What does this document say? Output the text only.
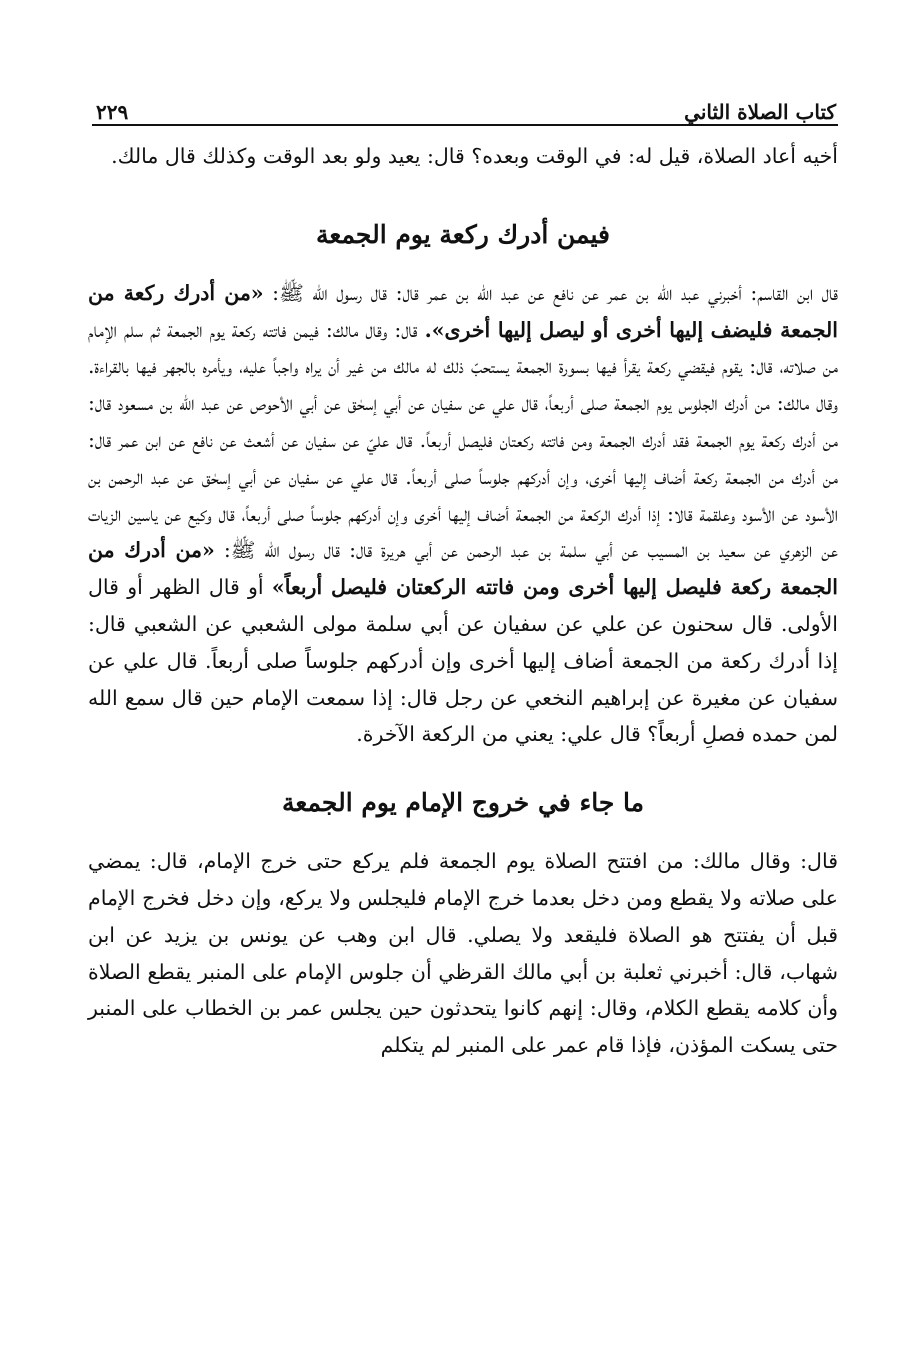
كتاب الصلاة الثاني
٢٢٩

أخيه أعاد الصلاة، قيل له: في الوقت وبعده؟ قال: يعيد ولو بعد الوقت وكذلك قال مالك.

فيمن أدرك ركعة يوم الجمعة

قال ابن القاسم: أخبرني عبد الله بن عمر عن نافع عن عبد الله بن عمر قال: قال رسول الله ﷺ: «من أدرك ركعة من الجمعة فليضف إليها أخرى أو ليصل إليها أخرى». قال: وقال مالك: فيمن فاتته ركعة يوم الجمعة ثم سلم الإمام من صلاته، قال: يقوم فيقضي ركعة يقرأ فيها بسورة الجمعة يستحبّ ذلك له مالك من غير أن يراه واجباً عليه، ويأمره بالجهر فيها بالقراءة. وقال مالك: من أدرك الجلوس يوم الجمعة صلى أربعاً، قال علي عن سفيان عن أبي إسحٰق عن أبي الأحوص عن عبد الله بن مسعود قال: من أدرك ركعة يوم الجمعة فقد أدرك الجمعة ومن فاتته ركعتان فليصل أربعاً. قال عليّ عن سفيان عن أشعث عن نافع عن ابن عمر قال: من أدرك من الجمعة ركعة أضاف إليها أخرى، وإن أدركهم جلوساً صلى أربعاً. قال علي عن سفيان عن أبي إسحٰق عن عبد الرحمن بن الأسود عن الأسود وعلقمة قالا: إذا أدرك الركعة من الجمعة أضاف إليها أخرى وإن أدركهم جلوساً صلى أربعاً، قال وكيع عن ياسين الزيات عن الزهري عن سعيد بن المسيب عن أبي سلمة بن عبد الرحمن عن أبي هريرة قال: قال رسول الله ﷺ: «من أدرك من الجمعة ركعة فليصل إليها أخرى ومن فاتته الركعتان فليصل أربعاً» أو قال الظهر أو قال الأولى. قال سحنون عن علي عن سفيان عن أبي سلمة مولى الشعبي عن الشعبي قال: إذا أدرك ركعة من الجمعة أضاف إليها أخرى وإن أدركهم جلوساً صلى أربعاً. قال علي عن سفيان عن مغيرة عن إبراهيم النخعي عن رجل قال: إذا سمعت الإمام حين قال سمع الله لمن حمده فصلِ أربعاً؟ قال علي: يعني من الركعة الآخرة.

ما جاء في خروج الإمام يوم الجمعة

قال: وقال مالك: من افتتح الصلاة يوم الجمعة فلم يركع حتى خرج الإمام، قال: يمضي على صلاته ولا يقطع ومن دخل بعدما خرج الإمام فليجلس ولا يركع، وإن دخل فخرج الإمام قبل أن يفتتح هو الصلاة فليقعد ولا يصلي. قال ابن وهب عن يونس بن يزيد عن ابن شهاب، قال: أخبرني ثعلبة بن أبي مالك القرظي أن جلوس الإمام على المنبر يقطع الصلاة وأن كلامه يقطع الكلام، وقال: إنهم كانوا يتحدثون حين يجلس عمر بن الخطاب على المنبر حتى يسكت المؤذن، فإذا قام عمر على المنبر لم يتكلم
